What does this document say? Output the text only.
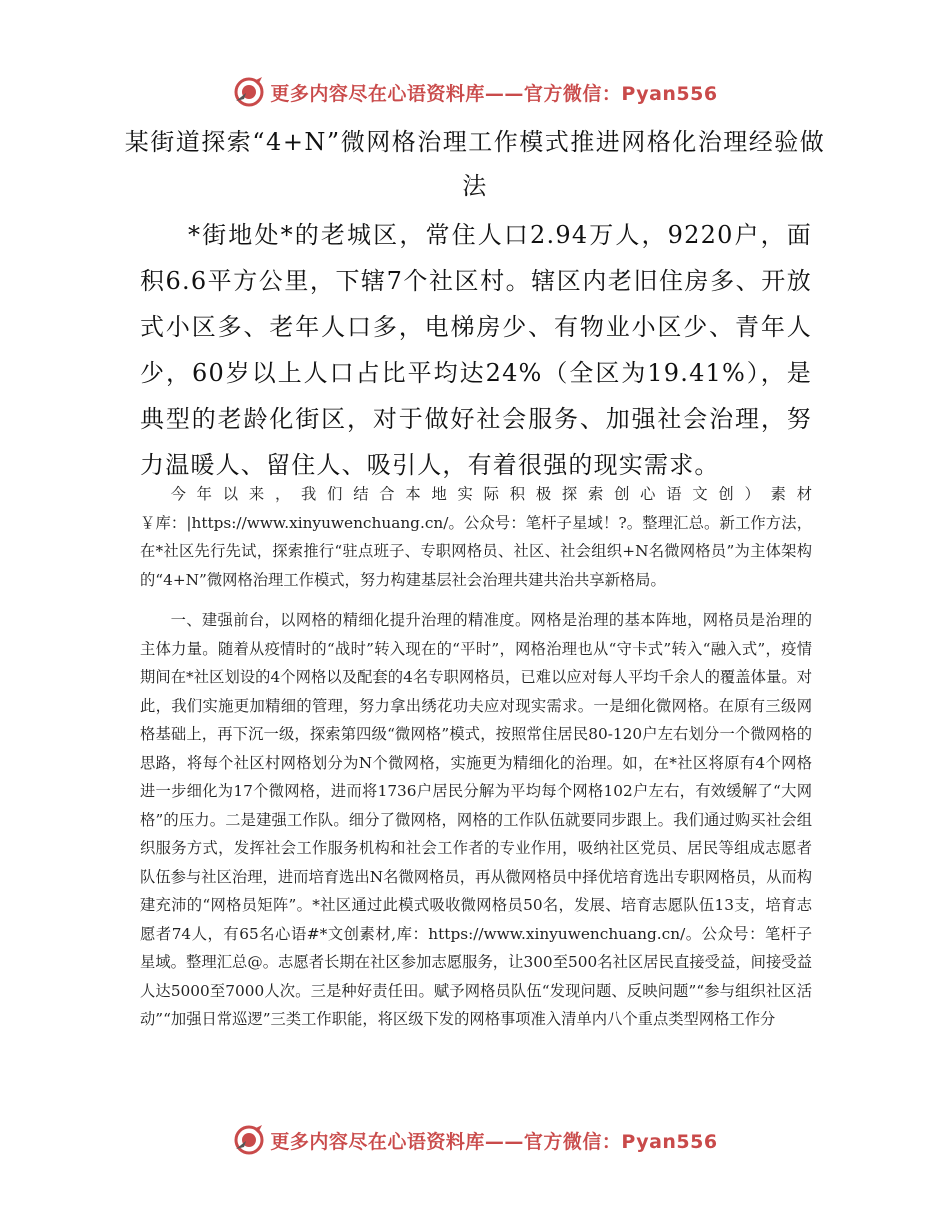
更多内容尽在心语资料库——官方微信：Pyan556
某街道探索“4+N”微网格治理工作模式推进网格化治理经验做法
*街地处*的老城区，常住人口2.94万人，9220户，面积6.6平方公里，下辖7个社区村。辖区内老旧住房多、开放式小区多、老年人口多，电梯房少、有物业小区少、青年人少，60岁以上人口占比平均达24%（全区为19.41%），是典型的老龄化街区，对于做好社会服务、加强社会治理，努力温暖人、留住人、吸引人，有着很强的现实需求。
今年以来，我们结合本地实际积极探索创心语文创）素材￥库：|https://www.xinyuwenchuang.cn/。公众号：笔杆子星域！?。整理汇总。新工作方法，在*社区先行先试，探索推行“驻点班子、专职网格员、社区、社会组织+N名微网格员”为主体架构的“4+N”微网格治理工作模式，努力构建基层社会治理共建共治共享新格局。
一、建强前台，以网格的精细化提升治理的精准度。网格是治理的基本阵地，网格员是治理的主体力量。随着从疫情时的“战时”转入现在的“平时”，网格治理也从“守卡式”转入“融入式”，疫情期间在*社区划设的4个网格以及配套的4名专职网格员，已难以应对每人平均千余人的覆盖体量。对此，我们实施更加精细的管理，努力拿出绣花功夫应对现实需求。一是细化微网格。在原有三级网格基础上，再下沉一级，探索第四级“微网格”模式，按照常住居民80-120户左右划分一个微网格的思路，将每个社区村网格划分为N个微网格，实施更为精细化的治理。如，在*社区将原有4个网格进一步细化为17个微网格，进而将1736户居民分解为平均每个网格102户左右，有效缓解了“大网格”的压力。二是建强工作队。细分了微网格，网格的工作队伍就要同步跟上。我们通过购买社会组织服务方式，发挥社会工作服务机构和社会工作者的专业作用，吸纳社区党员、居民等组成志愿者队伍参与社区治理，进而培育选出N名微网格员，再从微网格员中择优培育选出专职网格员，从而构建充沛的“网格员矩阵”。*社区通过此模式吸收微网格员50名，发展、培育志愿队伍13支，培育志愿者74人，有65名心语#*文创素材,库：https://www.xinyuwenchuang.cn/。公众号：笔杆子星域。整理汇总@。志愿者长期在社区参加志愿服务，让300至500名社区居民直接受益，间接受益人达5000至7000人次。三是种好责任田。赋予网格员队伍“发现问题、反映问题”“参与组织社区活动”“加强日常巡逻”三类工作职能，将区级下发的网格事项准入清单内八个重点类型网格工作分
更多内容尽在心语资料库——官方微信：Pyan556
